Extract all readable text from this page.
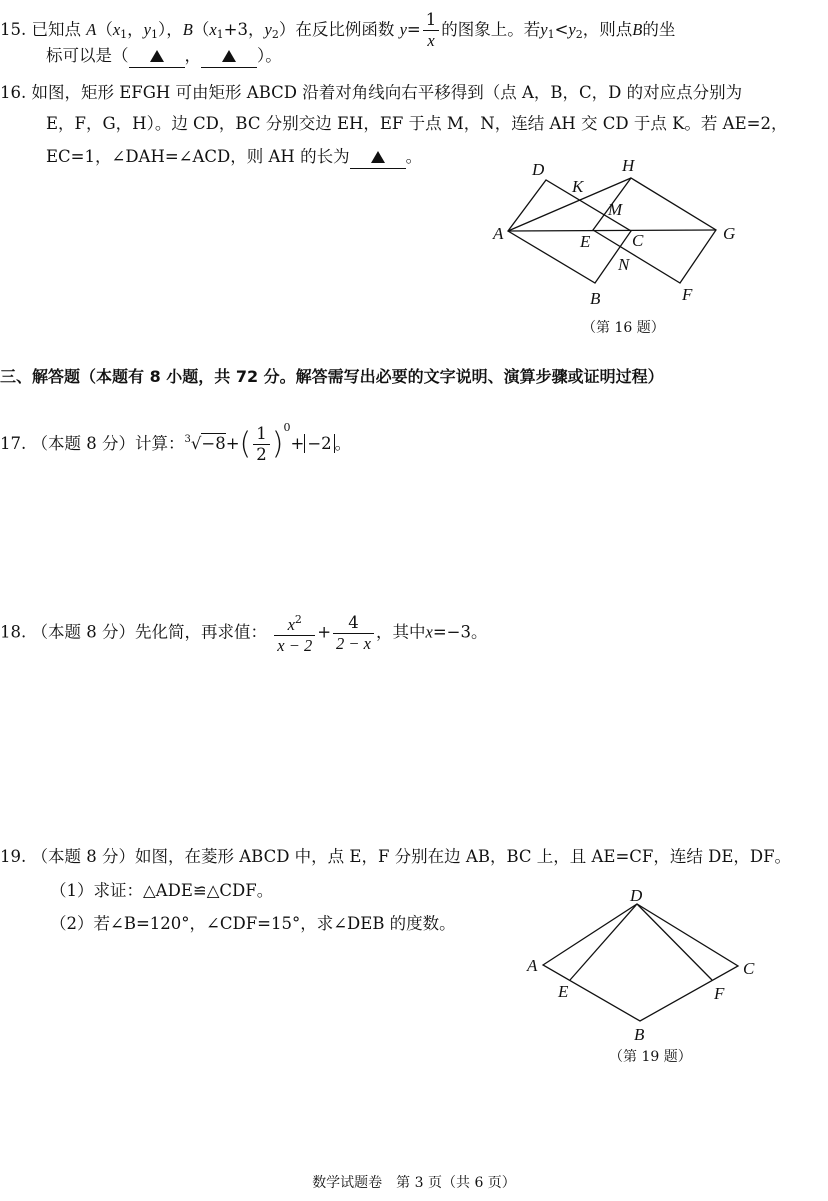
15. 已知点 $A(x_1$，$y_1$），$B(x_1+3$，$y_2$）在反比例函数 $y= \frac{1}{x}$ 的图象上。若$y_1<y_2$，则点B的坐
标可以是（	，	）。
16. 如图，矩形 EFGH 可由矩形 ABCD 沿着对角线向右平移得到（点 A，B，C，D 的对应点分别为
E，F，G，H）。边 CD，BC 分别交边 EH，EF 于点 M，N，连结 AH 交 CD 于点 K。若 AE=2，
EC=1，∠DAH=∠ACD，则 AH 的长为	。
A
B
C
D
E
F
G
H
K
M
N
（第 16 题）
三、解答题（本题有 8 小题，共 72 分。解答需写出必要的文字说明、演算步骤或证明过程）
17. （本题 8 分）计算：$^3√-8+( \frac{1}{2} )^0+ -2$ 。
18. （本题 8 分）先化简，再求值： $\frac{x^2}{x - 2} + \frac{4}{2 - x}$ ，其中x=−3。
19. （本题 8 分）如图，在菱形 ABCD 中，点 E，F 分别在边 AB，BC 上，且 AE=CF，连结 DE，DF。
（1）求证：△ADE≌△CDF。
（2）若∠B=120°，∠CDF=15°，求∠DEB 的度数。
A
B
C
D
E	F
（第 19 题）
数学试题卷　第 3 页（共 6 页）
